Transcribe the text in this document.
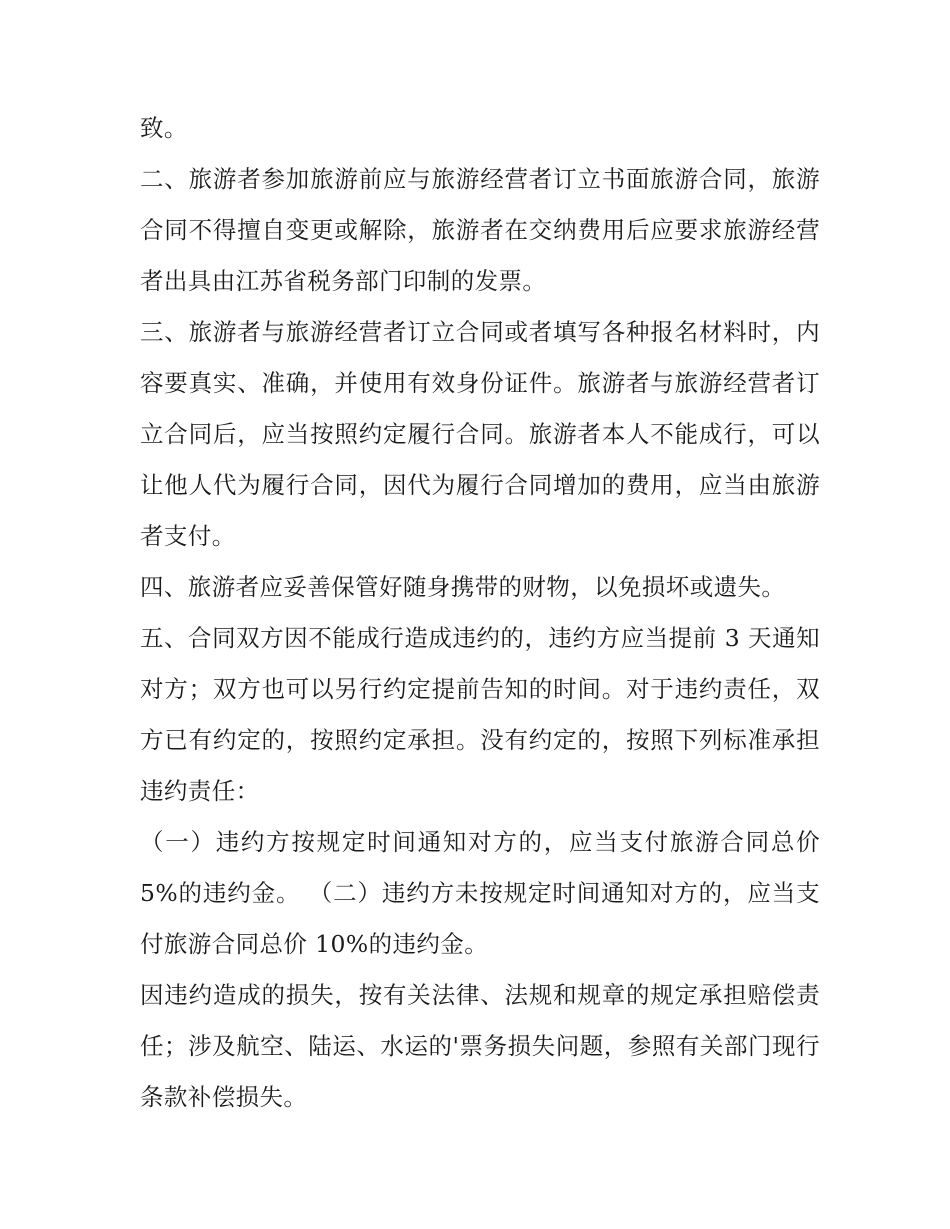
致。

二、旅游者参加旅游前应与旅游经营者订立书面旅游合同，旅游合同不得擅自变更或解除，旅游者在交纳费用后应要求旅游经营者出具由江苏省税务部门印制的发票。

三、旅游者与旅游经营者订立合同或者填写各种报名材料时，内容要真实、准确，并使用有效身份证件。旅游者与旅游经营者订立合同后，应当按照约定履行合同。旅游者本人不能成行，可以让他人代为履行合同，因代为履行合同增加的费用，应当由旅游者支付。

四、旅游者应妥善保管好随身携带的财物，以免损坏或遗失。

五、合同双方因不能成行造成违约的，违约方应当提前 3 天通知对方；双方也可以另行约定提前告知的时间。对于违约责任，双方已有约定的，按照约定承担。没有约定的，按照下列标准承担违约责任：

（一）违约方按规定时间通知对方的，应当支付旅游合同总价 5%的违约金。 （二）违约方未按规定时间通知对方的，应当支付旅游合同总价 10%的违约金。

因违约造成的损失，按有关法律、法规和规章的规定承担赔偿责任；涉及航空、陆运、水运的'票务损失问题，参照有关部门现行条款补偿损失。
